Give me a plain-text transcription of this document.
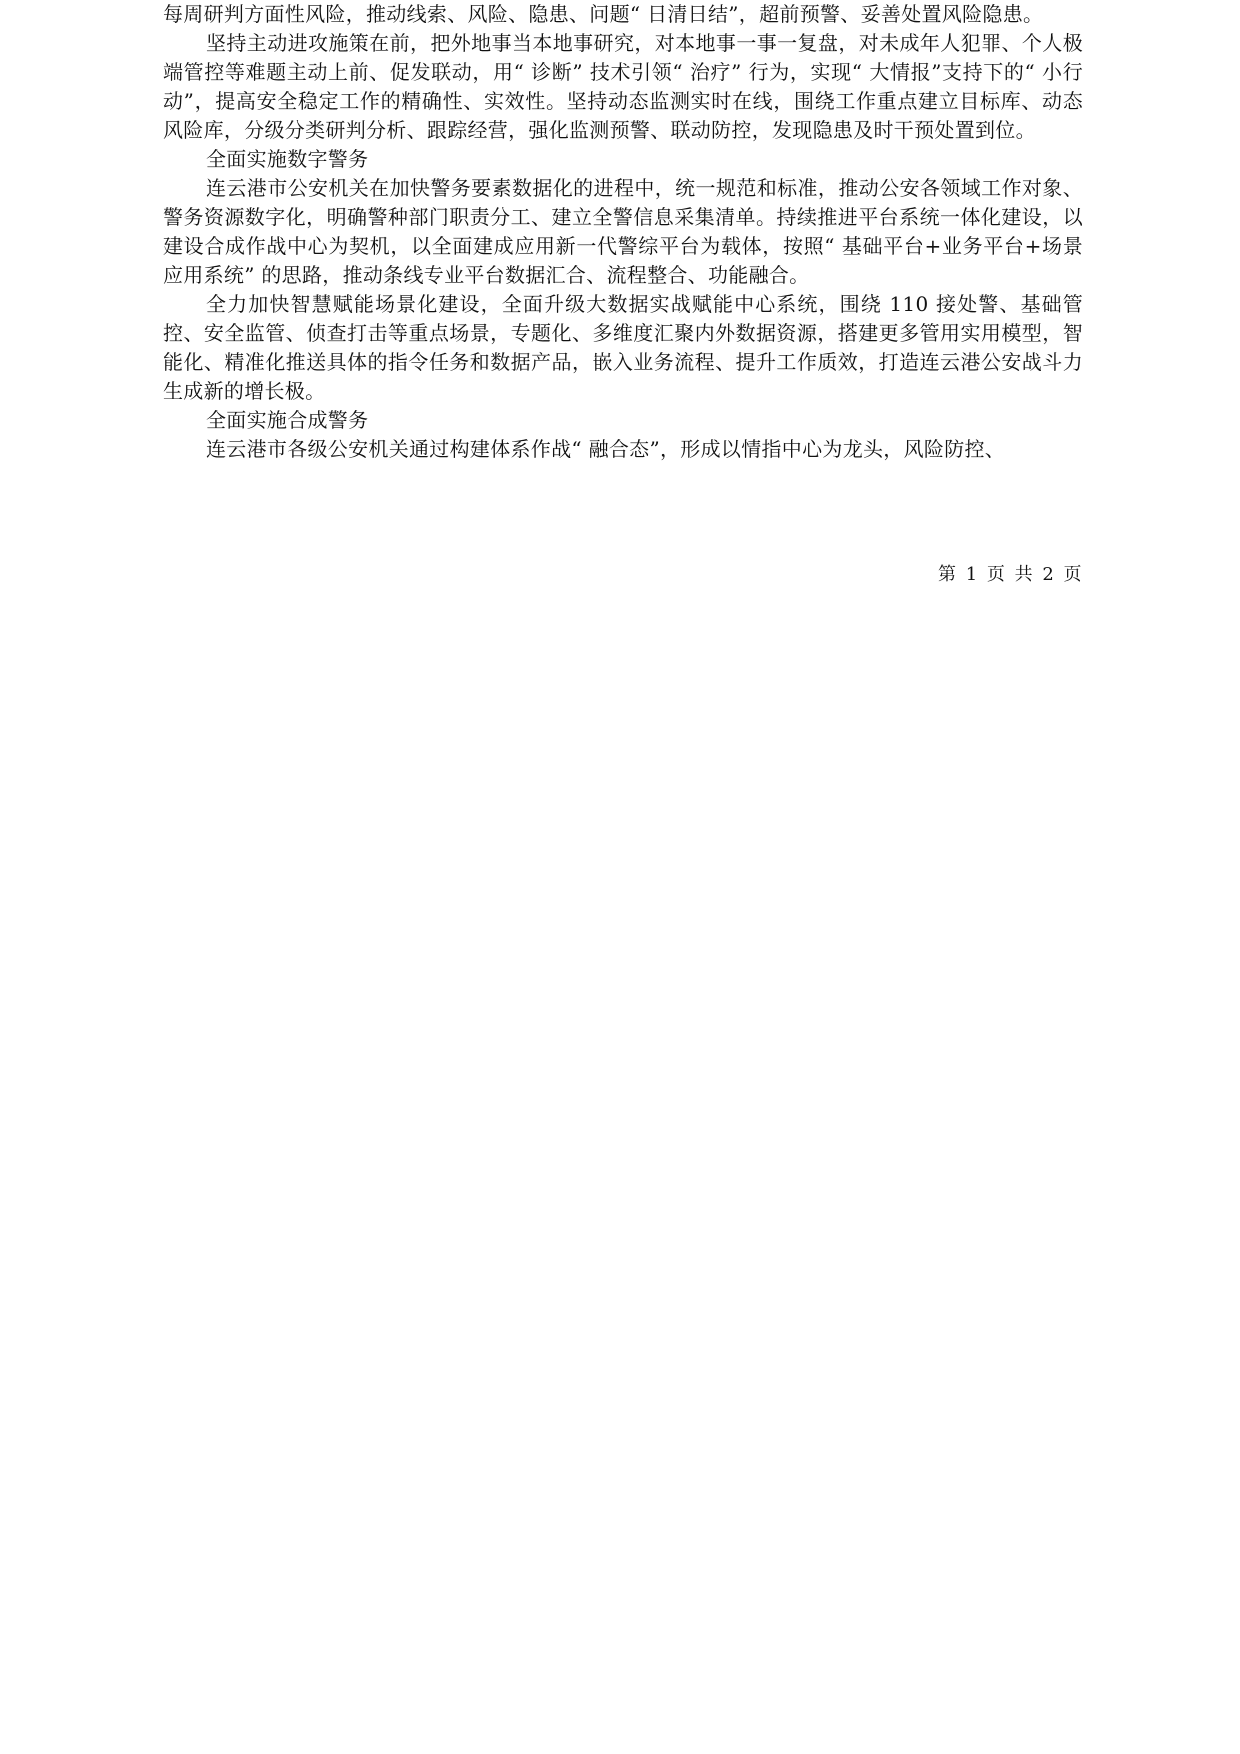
每周研判方面性风险，推动线索、风险、隐患、问题“ 日清日结”，超前预警、妥善处置风险隐患。

坚持主动进攻施策在前，把外地事当本地事研究，对本地事一事一复盘，对未成年人犯罪、个人极端管控等难题主动上前、促发联动，用“ 诊断” 技术引领“ 治疗” 行为，实现“ 大情报”支持下的“ 小行动”，提高安全稳定工作的精确性、实效性。坚持动态监测实时在线，围绕工作重点建立目标库、动态风险库，分级分类研判分析、跟踪经营，强化监测预警、联动防控，发现隐患及时干预处置到位。

全面实施数字警务

连云港市公安机关在加快警务要素数据化的进程中，统一规范和标准，推动公安各领域工作对象、警务资源数字化，明确警种部门职责分工、建立全警信息采集清单。持续推进平台系统一体化建设，以建设合成作战中心为契机，以全面建成应用新一代警综平台为载体，按照“ 基础平台+业务平台+场景应用系统” 的思路，推动条线专业平台数据汇合、流程整合、功能融合。

全力加快智慧赋能场景化建设，全面升级大数据实战赋能中心系统，围绕 110 接处警、基础管控、安全监管、侦查打击等重点场景，专题化、多维度汇聚内外数据资源，搭建更多管用实用模型，智能化、精准化推送具体的指令任务和数据产品，嵌入业务流程、提升工作质效，打造连云港公安战斗力生成新的增长极。

全面实施合成警务

连云港市各级公安机关通过构建体系作战“ 融合态”，形成以情指中心为龙头，风险防控、

第 1 页 共 2 页
